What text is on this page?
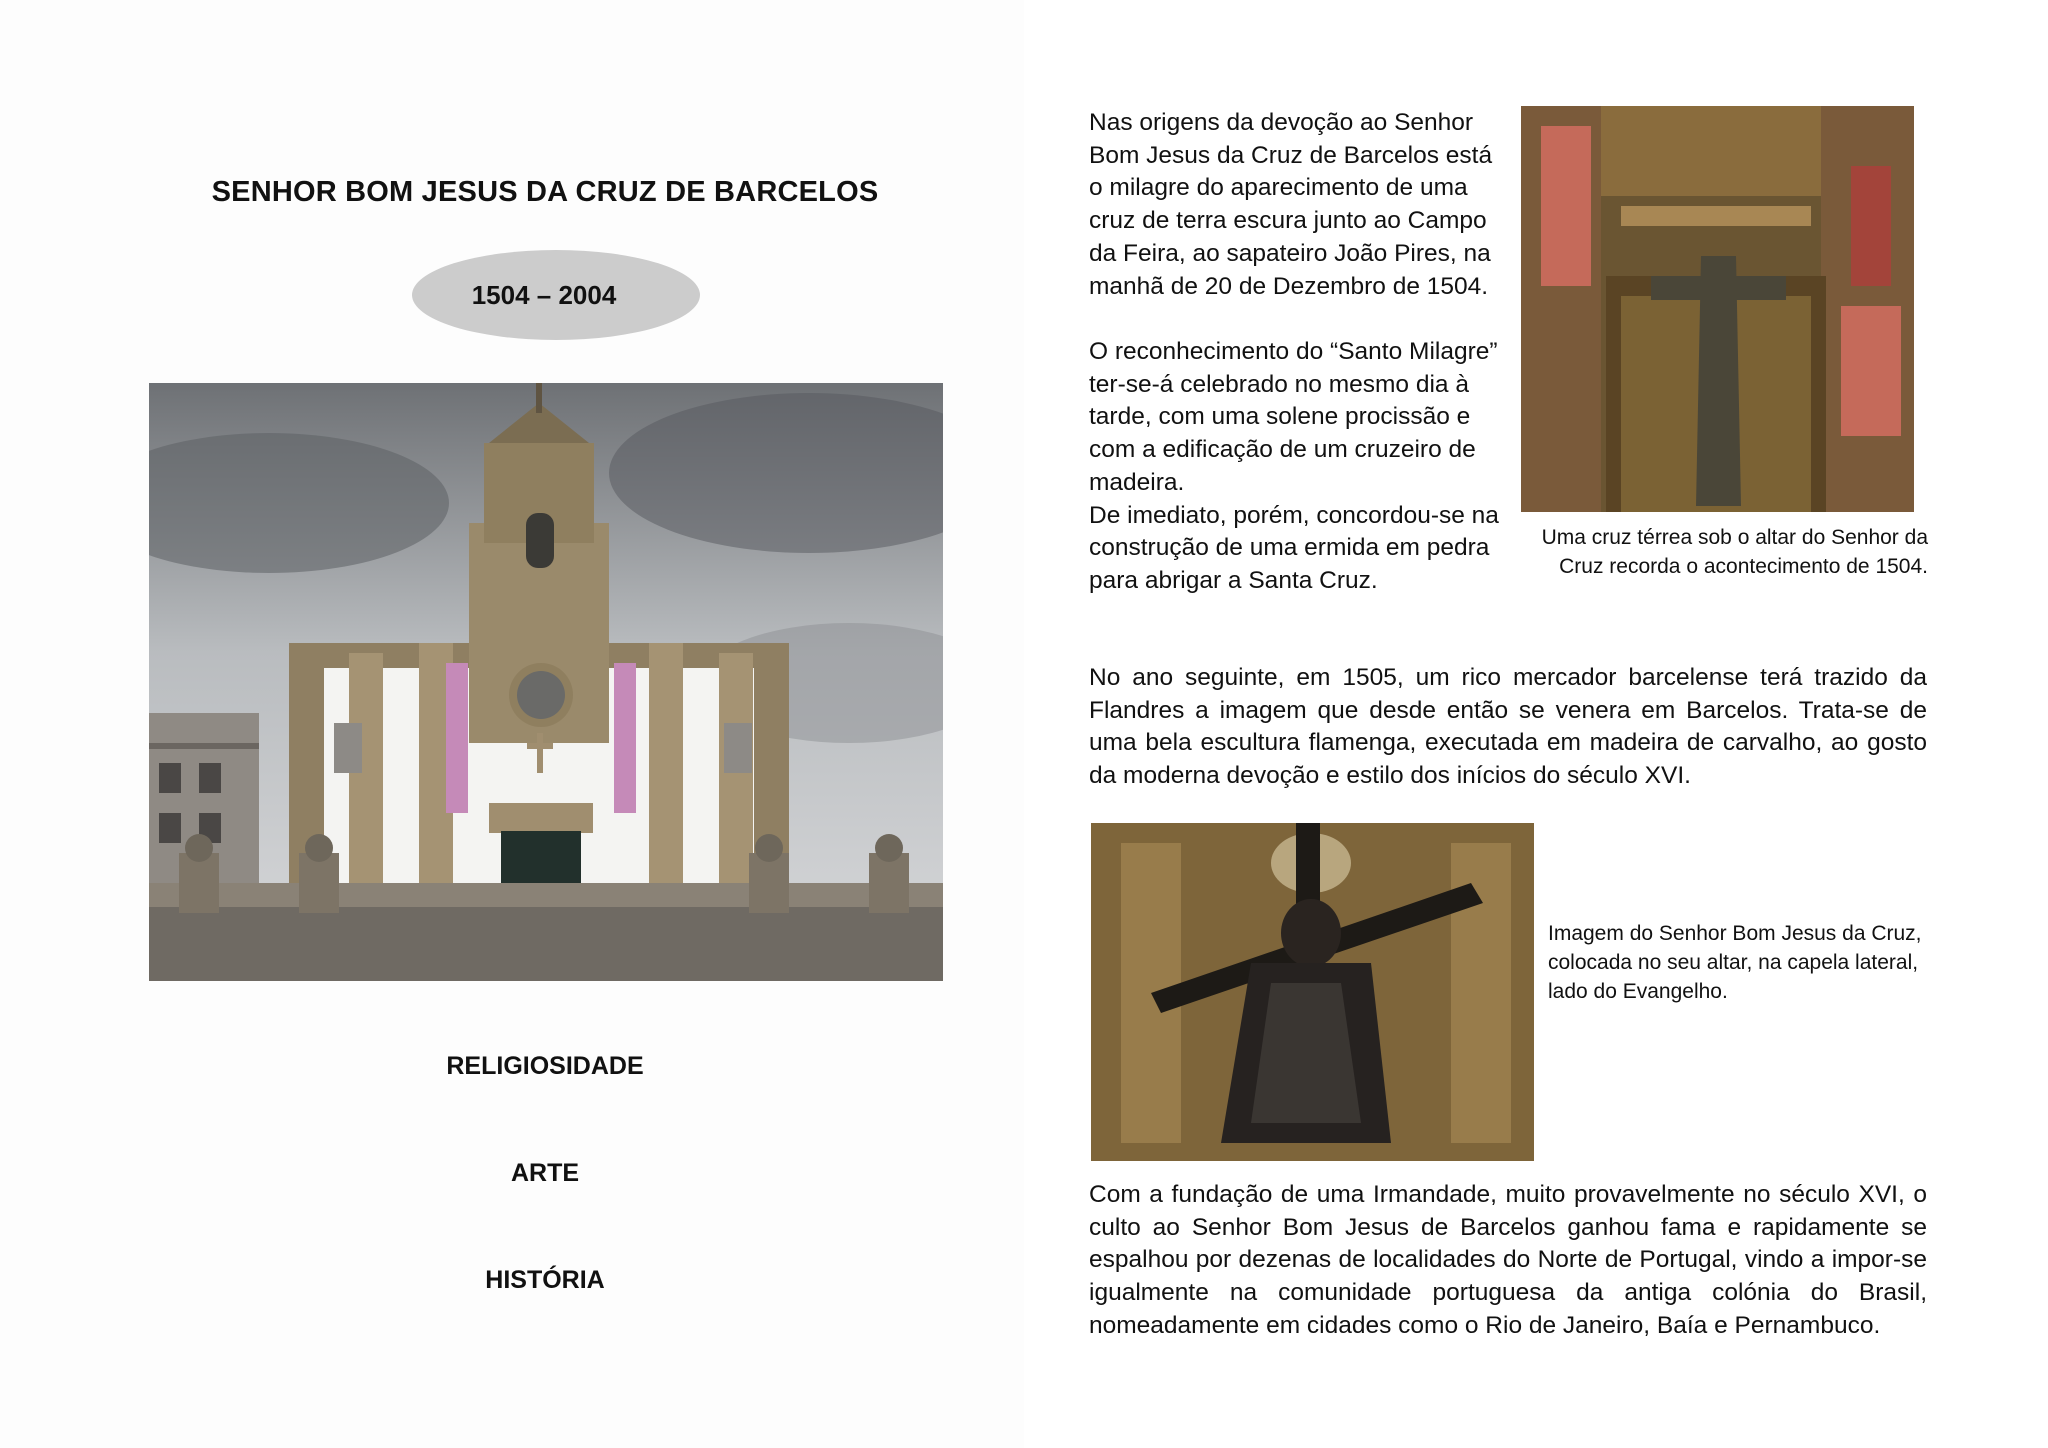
SENHOR BOM JESUS DA CRUZ DE BARCELOS
1504 – 2004
RELIGIOSIDADE
ARTE
HISTÓRIA
Nas origens da devoção ao Senhor Bom Jesus da Cruz de Barcelos está o milagre do aparecimento de uma cruz de terra escura junto ao Campo da Feira, ao sapateiro João Pires, na manhã de 20 de Dezembro de 1504.
O reconhecimento do “Santo Milagre” ter-se-á celebrado no mesmo dia à tarde, com uma solene procissão e com a edificação de um cruzeiro de madeira.
De imediato, porém, concordou-se na construção de uma ermida em pedra para abrigar a Santa Cruz.
Uma cruz térrea sob o altar do Senhor da Cruz recorda o acontecimento de 1504.
No ano seguinte, em 1505, um rico mercador barcelense terá trazido da Flandres a imagem que desde então se venera em Barcelos. Trata-se de uma bela escultura flamenga, executada em madeira de carvalho, ao gosto da moderna devoção e estilo dos inícios do século XVI.
Imagem do Senhor Bom Jesus da Cruz, colocada no seu altar, na capela lateral, lado do Evangelho.
Com a fundação de uma Irmandade, muito provavelmente no século XVI, o culto ao Senhor Bom Jesus de Barcelos ganhou fama e rapidamente se espalhou por dezenas de localidades do Norte de Portugal, vindo a impor-se igualmente na comunidade portuguesa da antiga colónia do Brasil, nomeadamente em cidades como o Rio de Janeiro, Baía e Pernambuco.
